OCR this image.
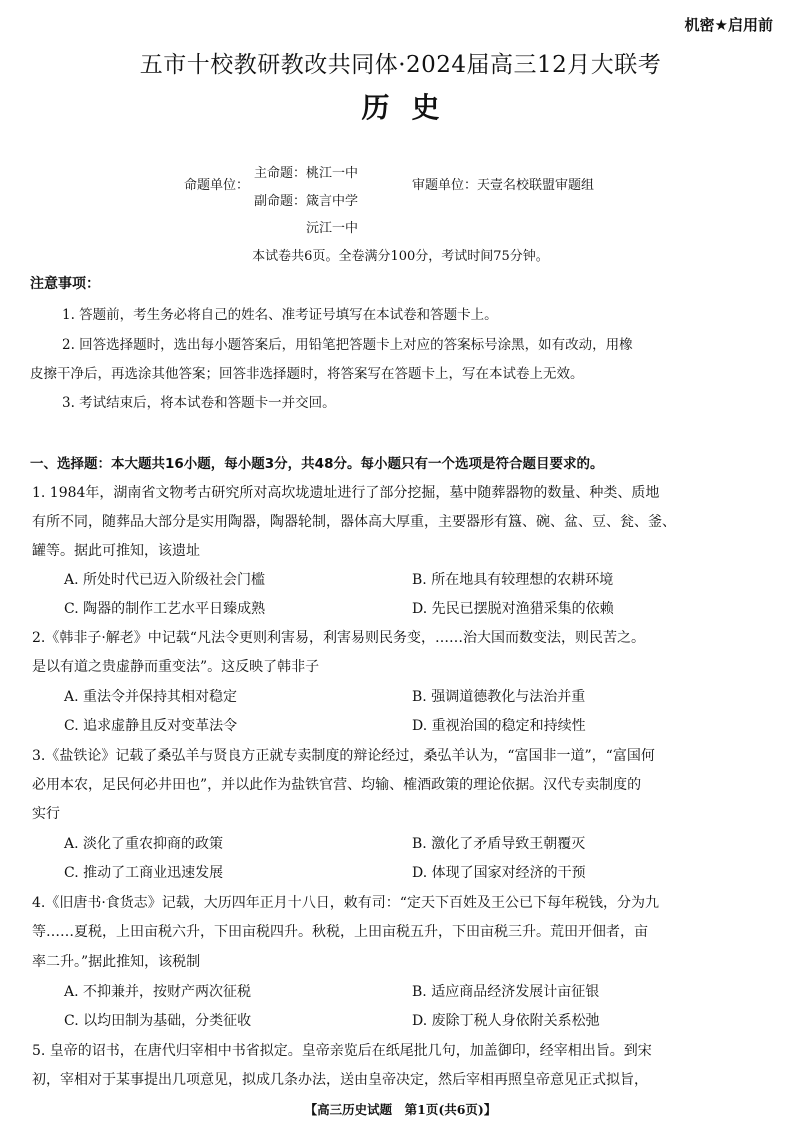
机密★启用前
五市十校教研教改共同体·2024届高三12月大联考
历史
命题单位：
主命题：桃江一中
副命题：箴言中学
沅江一中
审题单位：天壹名校联盟审题组
本试卷共6页。全卷满分100分，考试时间75分钟。
注意事项：
1. 答题前，考生务必将自己的姓名、准考证号填写在本试卷和答题卡上。
2. 回答选择题时，选出每小题答案后，用铅笔把答题卡上对应的答案标号涂黑，如有改动，用橡
皮擦干净后，再选涂其他答案；回答非选择题时，将答案写在答题卡上，写在本试卷上无效。
3. 考试结束后，将本试卷和答题卡一并交回。
一、选择题：本大题共16小题，每小题3分，共48分。每小题只有一个选项是符合题目要求的。
1. 1984年，湖南省文物考古研究所对高坎垅遗址进行了部分挖掘，墓中随葬器物的数量、种类、质地
有所不同，随葬品大部分是实用陶器，陶器轮制，器体高大厚重，主要器形有簋、碗、盆、豆、瓮、釜、
罐等。据此可推知，该遗址
A. 所处时代已迈入阶级社会门槛	B. 所在地具有较理想的农耕环境
C. 陶器的制作工艺水平日臻成熟	D. 先民已摆脱对渔猎采集的依赖
2.《韩非子·解老》中记载“凡法令更则利害易，利害易则民务变，……治大国而数变法，则民苦之。
是以有道之贵虚静而重变法”。这反映了韩非子
A. 重法令并保持其相对稳定	B. 强调道德教化与法治并重
C. 追求虚静且反对变革法令	D. 重视治国的稳定和持续性
3.《盐铁论》记载了桑弘羊与贤良方正就专卖制度的辩论经过，桑弘羊认为，“富国非一道”，“富国何
必用本农，足民何必井田也”，并以此作为盐铁官营、均输、榷酒政策的理论依据。汉代专卖制度的
实行
A. 淡化了重农抑商的政策	B. 激化了矛盾导致王朝覆灭
C. 推动了工商业迅速发展	D. 体现了国家对经济的干预
4.《旧唐书·食货志》记载，大历四年正月十八日，敕有司：“定天下百姓及王公已下每年税钱，分为九
等……夏税，上田亩税六升，下田亩税四升。秋税，上田亩税五升，下田亩税三升。荒田开佃者，亩
率二升。”据此推知，该税制
A. 不抑兼并，按财产两次征税	B. 适应商品经济发展计亩征银
C. 以均田制为基础，分类征收	D. 废除丁税人身依附关系松弛
5. 皇帝的诏书，在唐代归宰相中书省拟定。皇帝亲览后在纸尾批几句，加盖御印，经宰相出旨。到宋
初，宰相对于某事提出几项意见，拟成几条办法，送由皇帝决定，然后宰相再照皇帝意见正式拟旨，
【高三历史试题　第1页(共6页)】
